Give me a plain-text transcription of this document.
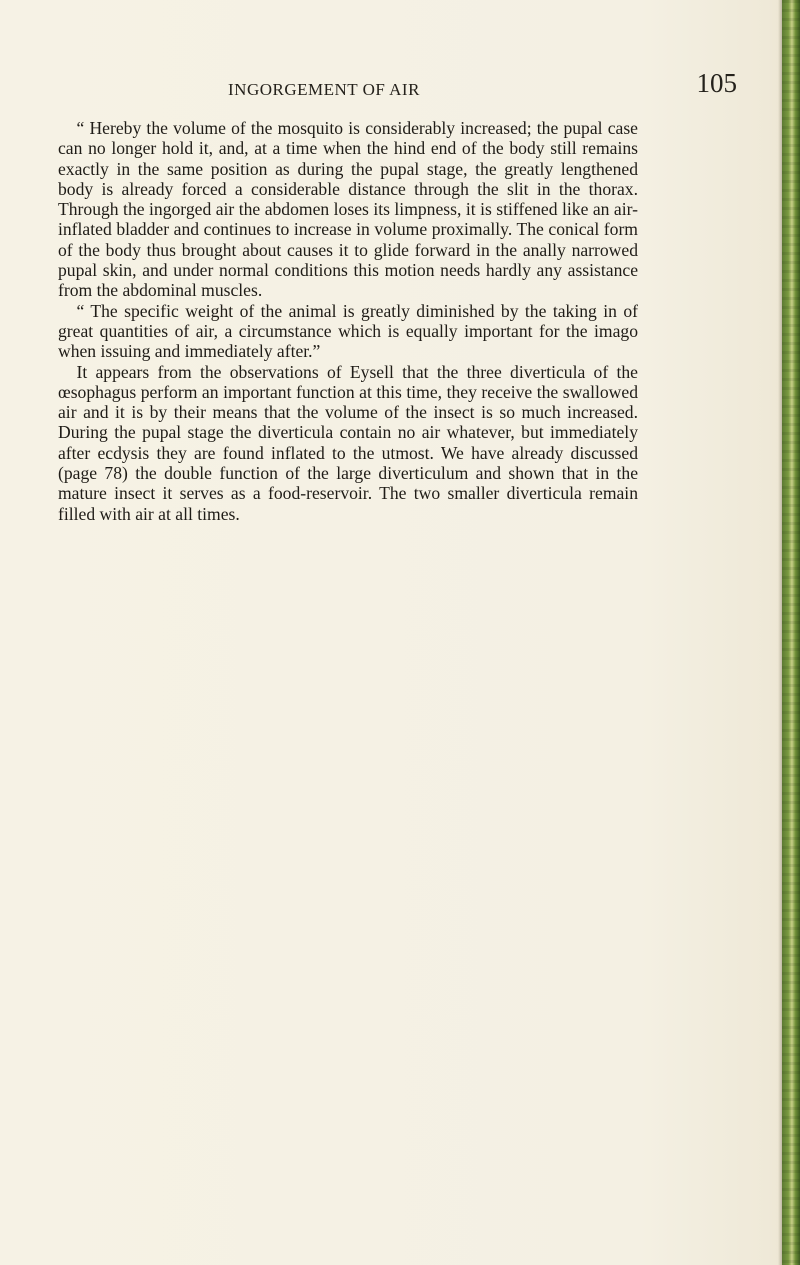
INGORGEMENT OF AIR	105

“ Hereby the volume of the mosquito is considerably increased; the pupal case can no longer hold it, and, at a time when the hind end of the body still remains exactly in the same position as during the pupal stage, the greatly lengthened body is already forced a considerable distance through the slit in the thorax. Through the ingorged air the abdomen loses its limpness, it is stiffened like an air-inflated bladder and continues to increase in volume proximally. The conical form of the body thus brought about causes it to glide forward in the anally narrowed pupal skin, and under normal conditions this motion needs hardly any assistance from the abdominal muscles.

“ The specific weight of the animal is greatly diminished by the taking in of great quantities of air, a circumstance which is equally important for the imago when issuing and immediately after.”

It appears from the observations of Eysell that the three diverticula of the œsophagus perform an important function at this time, they receive the swallowed air and it is by their means that the volume of the insect is so much increased. During the pupal stage the diverticula contain no air whatever, but immediately after ecdysis they are found inflated to the utmost. We have already discussed (page 78) the double function of the large diverticulum and shown that in the mature insect it serves as a food-reservoir. The two smaller diverticula remain filled with air at all times.
